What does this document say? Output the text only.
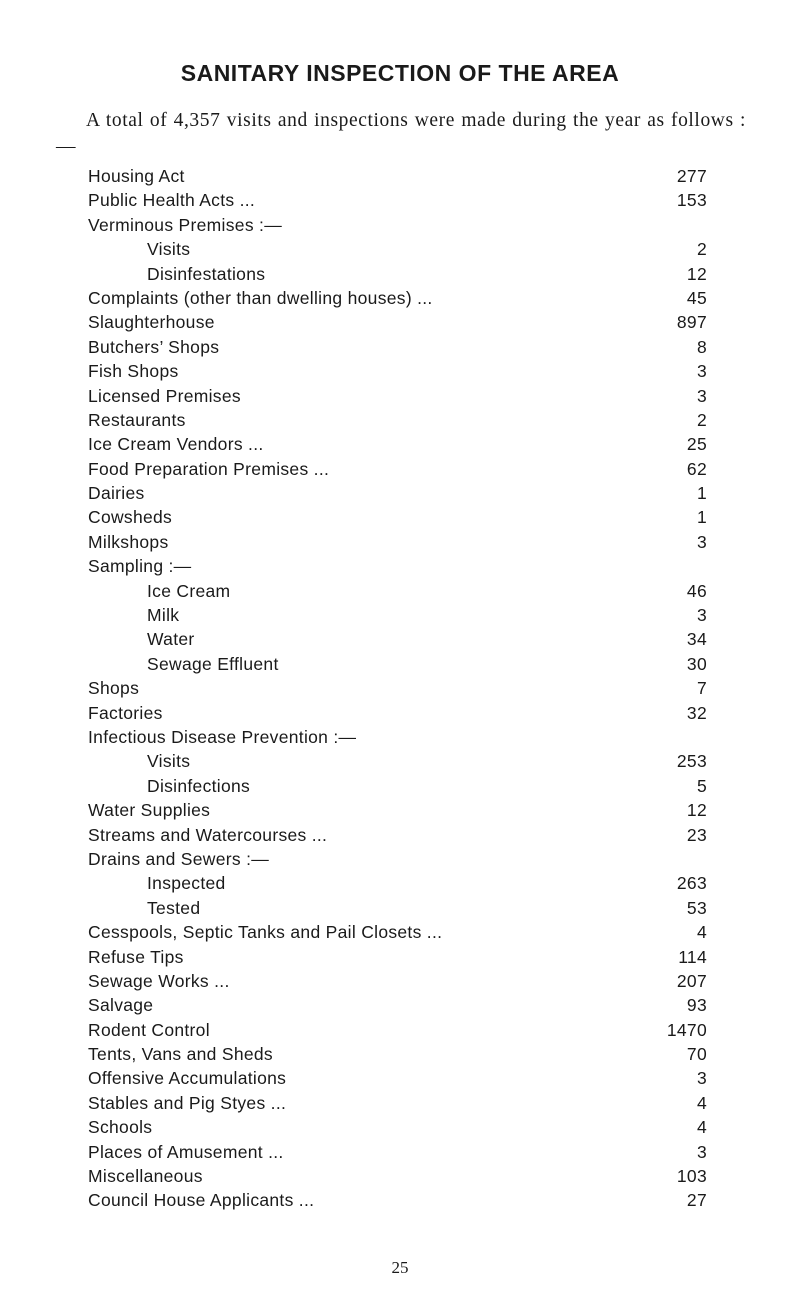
SANITARY INSPECTION OF THE AREA

A total of 4,357 visits and inspections were made during the year as follows :—

Housing Act	277
Public Health Acts ...	153
Verminous Premises :—
Visits	2
Disinfestations	12
Complaints (other than dwelling houses) ...	45
Slaughterhouse	897
Butchers’ Shops	8
Fish Shops	3
Licensed Premises	3
Restaurants	2
Ice Cream Vendors ...	25
Food Preparation Premises ...	62
Dairies	1
Cowsheds	1
Milkshops	3
Sampling :—
Ice Cream	46
Milk	3
Water	34
Sewage Effluent	30
Shops	7
Factories	32
Infectious Disease Prevention :—
Visits	253
Disinfections	5
Water Supplies	12
Streams and Watercourses ...	23
Drains and Sewers :—
Inspected	263
Tested	53
Cesspools, Septic Tanks and Pail Closets ...	4
Refuse Tips	114
Sewage Works ...	207
Salvage	93
Rodent Control	1470
Tents, Vans and Sheds	70
Offensive Accumulations	3
Stables and Pig Styes ...	4
Schools	4
Places of Amusement ...	3
Miscellaneous	103
Council House Applicants ...	27

25
